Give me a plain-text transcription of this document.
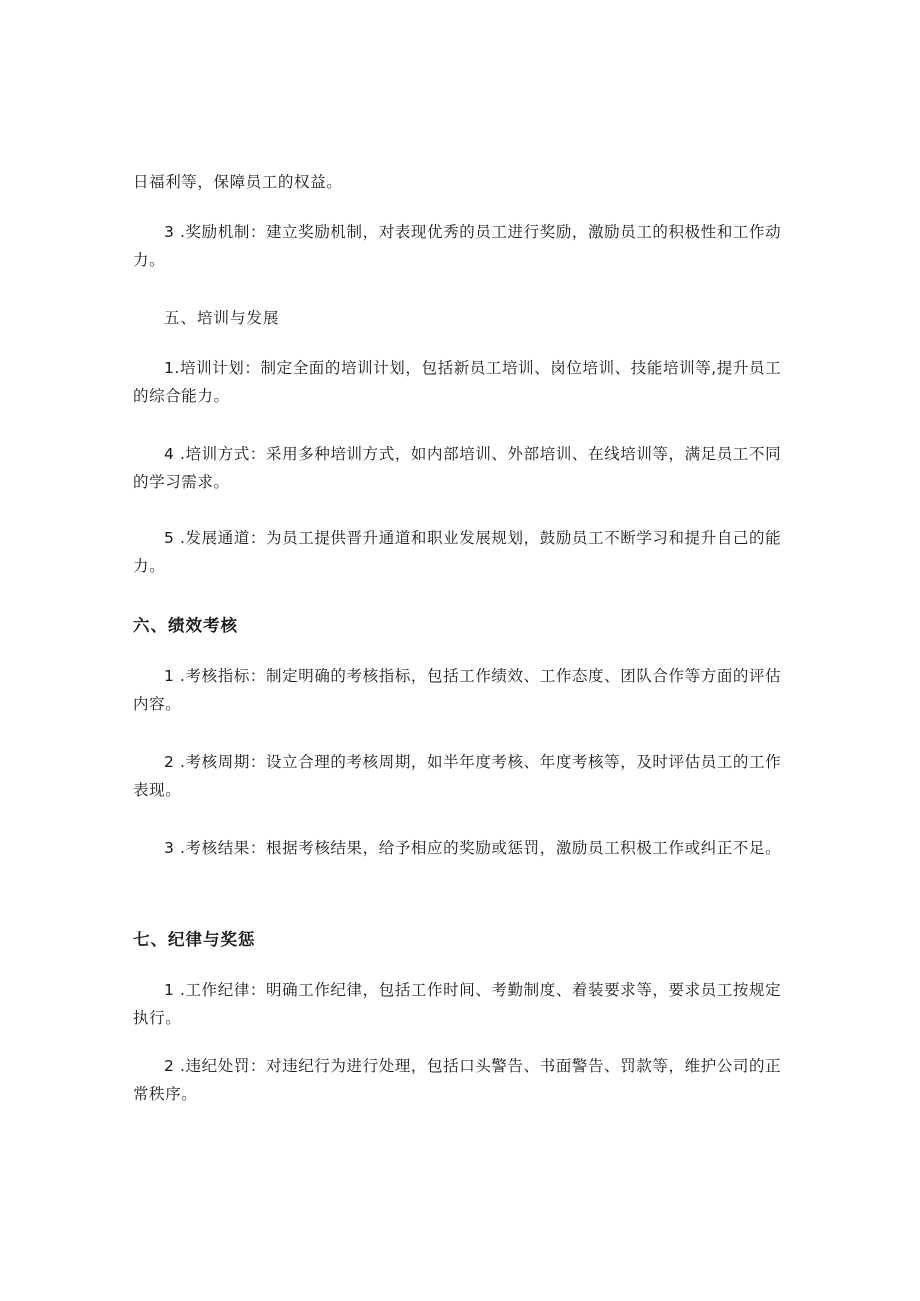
日福利等，保障员工的权益。

3 .奖励机制：建立奖励机制，对表现优秀的员工进行奖励，激励员工的积极性和工作动力。

五、培训与发展

1.培训计划：制定全面的培训计划，包括新员工培训、岗位培训、技能培训等,提升员工的综合能力。

4 .培训方式：采用多种培训方式，如内部培训、外部培训、在线培训等，满足员工不同的学习需求。

5 .发展通道：为员工提供晋升通道和职业发展规划，鼓励员工不断学习和提升自己的能力。

六、绩效考核

1 .考核指标：制定明确的考核指标，包括工作绩效、工作态度、团队合作等方面的评估内容。

2 .考核周期：设立合理的考核周期，如半年度考核、年度考核等，及时评估员工的工作表现。

3 .考核结果：根据考核结果，给予相应的奖励或惩罚，激励员工积极工作或纠正不足。

七、纪律与奖惩

1 .工作纪律：明确工作纪律，包括工作时间、考勤制度、着装要求等，要求员工按规定执行。

2 .违纪处罚：对违纪行为进行处理，包括口头警告、书面警告、罚款等，维护公司的正常秩序。
